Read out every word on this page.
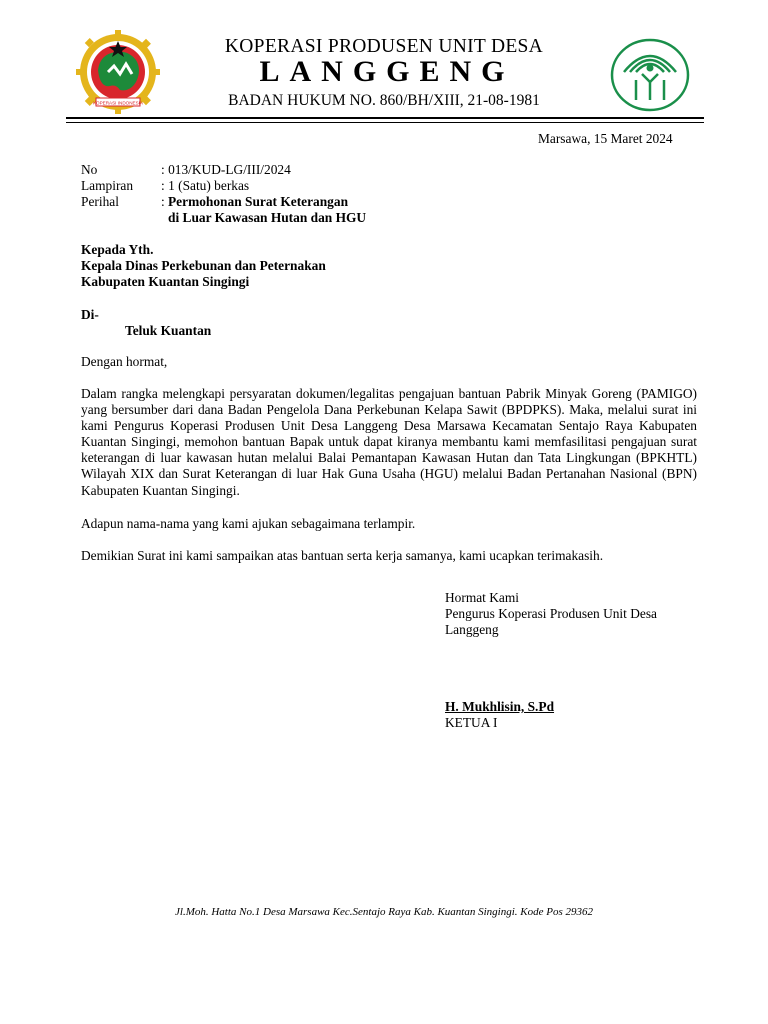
KOPERASI INDONESIA
KOPERASI PRODUSEN UNIT DESA
LANGGENG
BADAN HUKUM NO. 860/BH/XIII, 21-08-1981
Marsawa, 15 Maret 2024
No	: 013/KUD-LG/III/2024
Lampiran : 1 (Satu) berkas
Perihal	: Permohonan Surat Keterangan
di Luar Kawasan Hutan dan HGU
Kepada Yth.
Kepala Dinas Perkebunan dan Peternakan
Kabupaten Kuantan Singingi
Di-
Teluk Kuantan
Dengan hormat,
Dalam rangka melengkapi persyaratan dokumen/legalitas pengajuan bantuan Pabrik Minyak Goreng (PAMIGO) yang bersumber dari dana Badan Pengelola Dana Perkebunan Kelapa Sawit (BPDPKS). Maka, melalui surat ini kami Pengurus Koperasi Produsen Unit Desa Langgeng Desa Marsawa Kecamatan Sentajo Raya Kabupaten Kuantan Singingi, memohon bantuan Bapak untuk dapat kiranya membantu kami memfasilitasi pengajuan surat keterangan di luar kawasan hutan melalui Balai Pemantapan Kawasan Hutan dan Tata Lingkungan (BPKHTL) Wilayah XIX dan Surat Keterangan di luar Hak Guna Usaha (HGU) melalui Badan Pertanahan Nasional (BPN) Kabupaten Kuantan Singingi.
Adapun nama-nama yang kami ajukan sebagaimana terlampir.
Demikian Surat ini kami sampaikan atas bantuan serta kerja samanya, kami ucapkan terimakasih.
Hormat Kami
Pengurus Koperasi Produsen Unit Desa
Langgeng
H. Mukhlisin, S.Pd
KETUA I
Jl.Moh. Hatta No.1 Desa Marsawa Kec.Sentajo Raya Kab. Kuantan Singingi. Kode Pos 29362
